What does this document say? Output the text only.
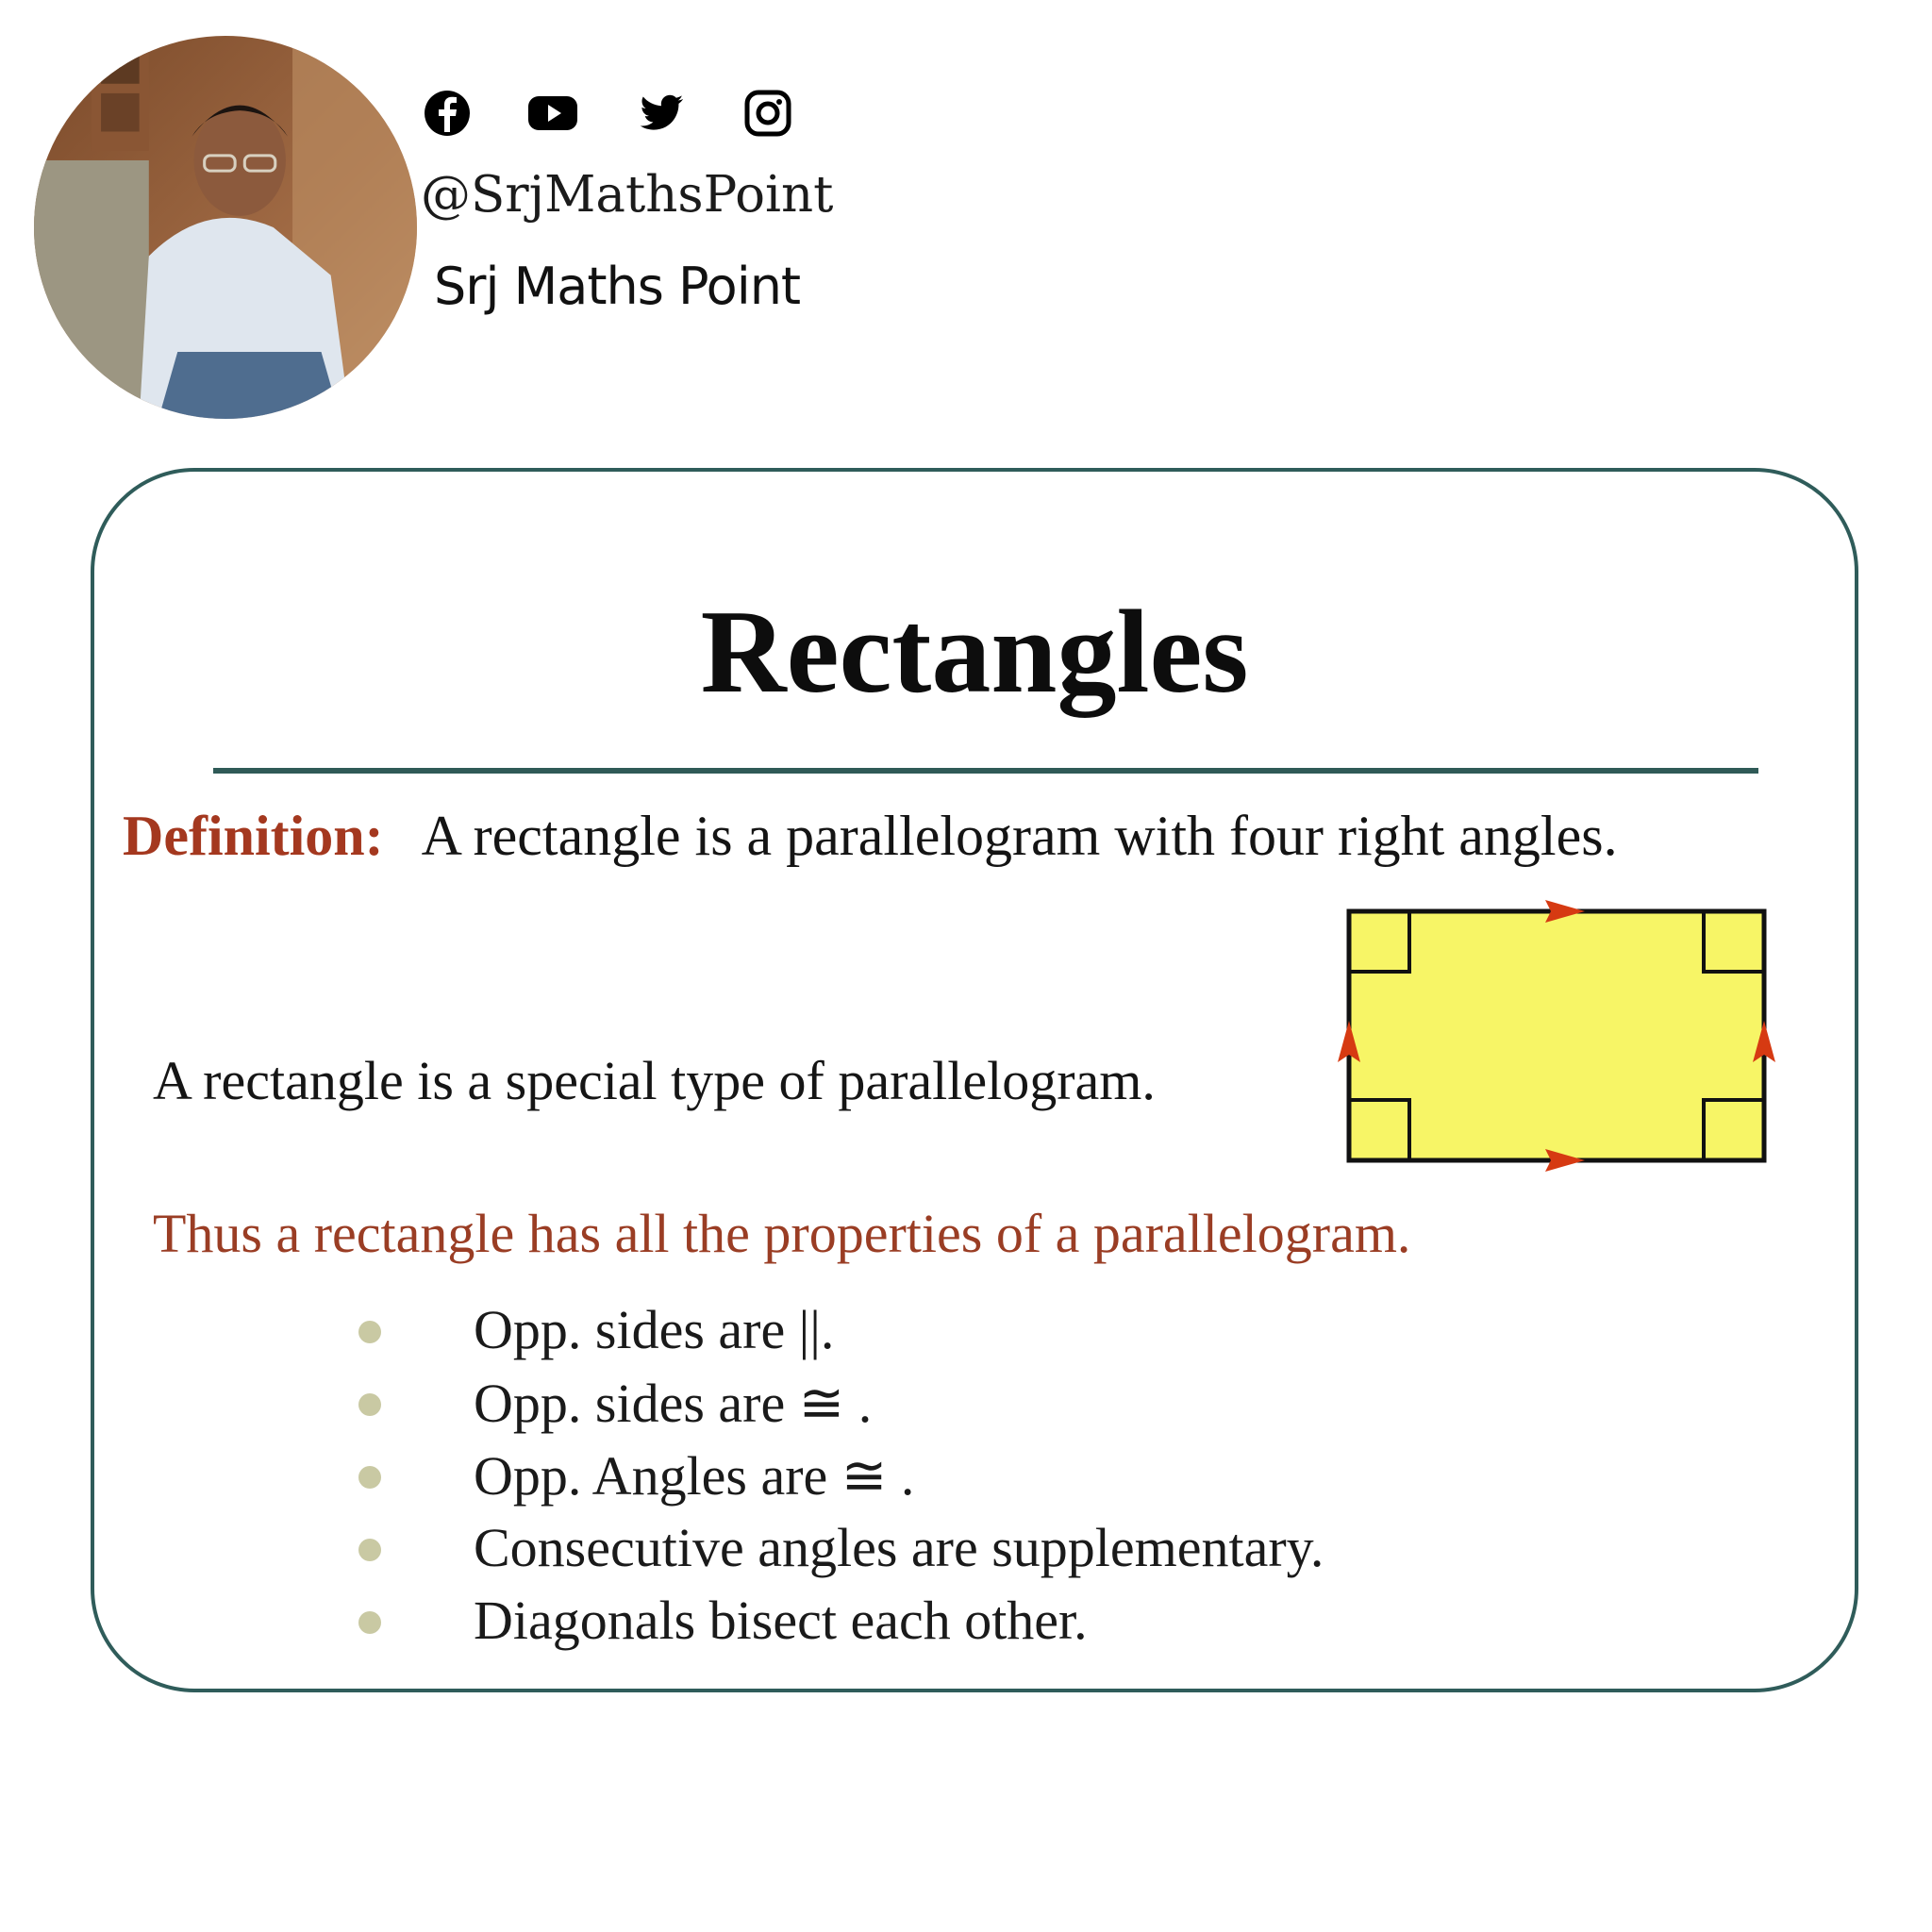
@SrjMathsPoint
Srj Maths Point
Rectangles
Definition: A rectangle is a parallelogram with four right angles.
A rectangle is a special type of parallelogram.
Thus a rectangle has all the properties of a parallelogram.
Opp. sides are ||.
Opp. sides are ≅ .
Opp. Angles are ≅ .
Consecutive angles are supplementary.
Diagonals bisect each other.
